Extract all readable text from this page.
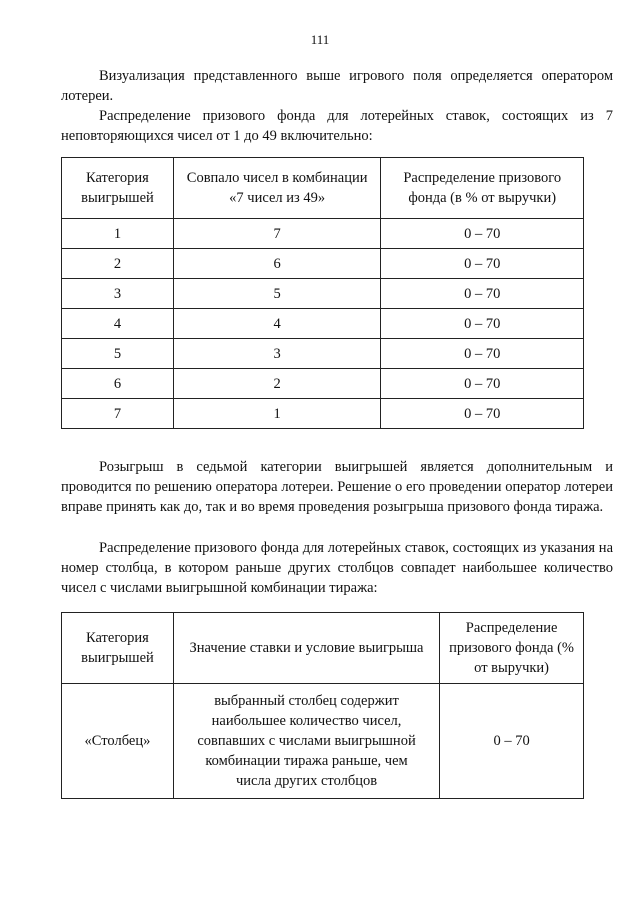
111

Визуализация представленного выше игрового поля определяется оператором лотереи.

Распределение призового фонда для лотерейных ставок, состоящих из 7 неповторяющихся чисел от 1 до 49 включительно:

Категория выигрышей	Совпало чисел в комбинации «7 чисел из 49»	Распределение призового фонда (в % от выручки)
1	7	0 – 70
2	6	0 – 70
3	5	0 – 70
4	4	0 – 70
5	3	0 – 70
6	2	0 – 70
7	1	0 – 70

Розыгрыш в седьмой категории выигрышей является дополнительным и проводится по решению оператора лотереи. Решение о его проведении оператор лотереи вправе принять как до, так и во время проведения розыгрыша призового фонда тиража.

Распределение призового фонда для лотерейных ставок, состоящих из указания на номер столбца, в котором раньше других столбцов совпадет наибольшее количество чисел с числами выигрышной комбинации тиража:

Категория выигрышей	Значение ставки и условие выигрыша	Распределение призового фонда (% от выручки)
«Столбец»	выбранный столбец содержит наибольшее количество чисел, совпавших с числами выигрышной комбинации тиража раньше, чем числа других столбцов	0 – 70
